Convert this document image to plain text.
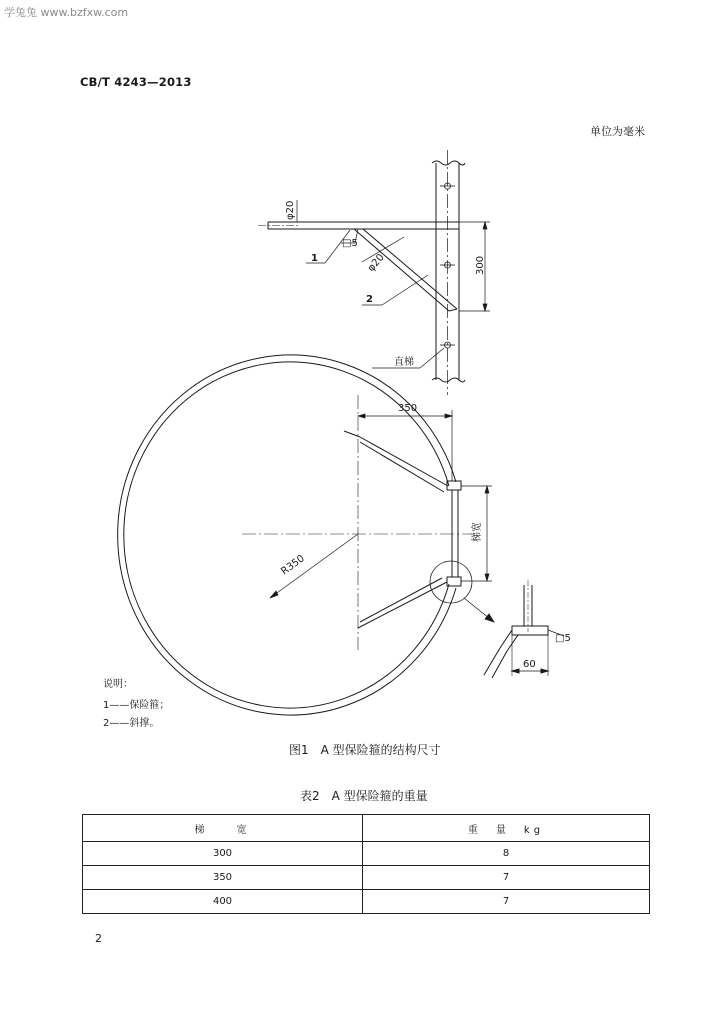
学兔兔 www.bzfxw.com
CB/T 4243—2013
单位为毫米
φ20
□5
φ20	300
1
2
直梯
350
R350
梯宽
60
□5
说明：
1——保险箍；
2——斜撑。
图1　A 型保险箍的结构尺寸
表2　A 型保险箍的重量
梯　　宽	重　量　kg
300	8
350	7
400	7
2
